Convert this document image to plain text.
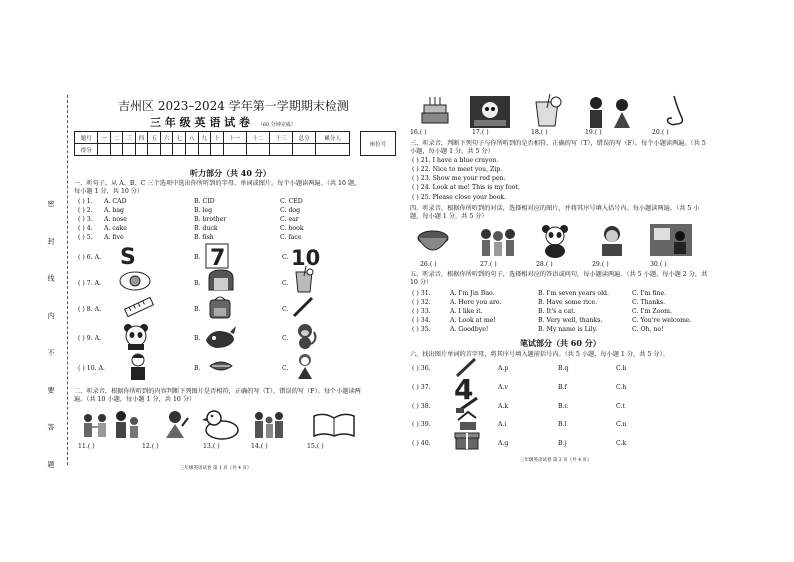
密 封 线 内 不 要 答 题
吉州区 2023–2024 学年第一学期期末检测
三 年 级 英 语 试 卷 （60 分钟完成）
题号	一	二	三	四	五	六	七	八	九	十	十一	十二	十三	总分	累分人
得分															
座位号
听力部分（共 40 分）
一、听句子，从 A、B、C 三个选项中选出你所听到的字母、单词或图片。每个小题读两遍。（共 10 题，每小题 1 分，共 10 分）
( ) 1. A. CAD	B. CID	C. CED
( ) 2. A. bag	B. leg	C. dog
( ) 3. A. nose	B. brother	C. ear
( ) 4. A. cake	B. duck	C. book
( ) 5. A. five	B. fish	C. face
( ) 6. A. S	B. 7	C. 10
( ) 7. A.	B.	C.
( ) 8. A.	B.	C.
( ) 9. A.	B.	C.
( ) 10. A.	B.	C.
二、听录音，根据你所听到的内容判断下列图片是否相符，正确的写（T），错误的写（F）。每个小题读两遍。（共 10 小题，每小题 1 分，共 10 分）
11.( )	12.( )	13.( )	14.( )	15.( )
三年级英语试卷 第 1 页（共 4 页）
16.( )	17.( )	18.( )	19.( )	20.( )
三、听录音，判断下列句子与你所听到的是否相符，正确的写（T），错误的写（F）。每个小题读两遍。（共 5 小题，每小题 1 分，共 5 分）
( ) 21. I have a blue crayon.
( ) 22. Nice to meet you, Zip.
( ) 23. Show me your red pen.
( ) 24. Look at me! This is my foot.
( ) 25. Please close your book.
四、听录音，根据你所听到的对话，选择相对应的图片，并将其序号填入括号内。每小题读两遍。（共 5 小题，每小题 1 分，共 5 分）
26.( )	27.( )	28.( )	29.( )	30.( )
五、听录音，根据你所听到的句子，选择相对应的答语或问句，每小题读两遍。（共 5 小题，每小题 2 分，共 10 分）
( ) 31.	A. I'm Jin Bao.	B. I'm seven years old.	C. I'm fine.
( ) 32.	A. Here you are.	B. Have some rice.	C. Thanks.
( ) 33.	A. I like it.	B. It's a cat.	C. I'm Zoom.
( ) 34.	A. Look at me!	B. Very well, thanks.	C. You're welcome.
( ) 35.	A. Goodbye!	B. My name is Lily.	C. Oh, no!
笔试部分（共 60 分）
六、找出图片单词的首字母，将其序号填入题前括号内。（共 5 小题，每小题 1 分，共 5 分）。
( ) 36.	A.p	B.q	C.b
( ) 37. 4	A.v	B.f	C.h
( ) 38.	A.k	B.c	C.t
( ) 39.	A.i	B.l	C.n
( ) 40.	A.g	B.j	C.k
三年级英语试卷 第 2 页（共 4 页）
